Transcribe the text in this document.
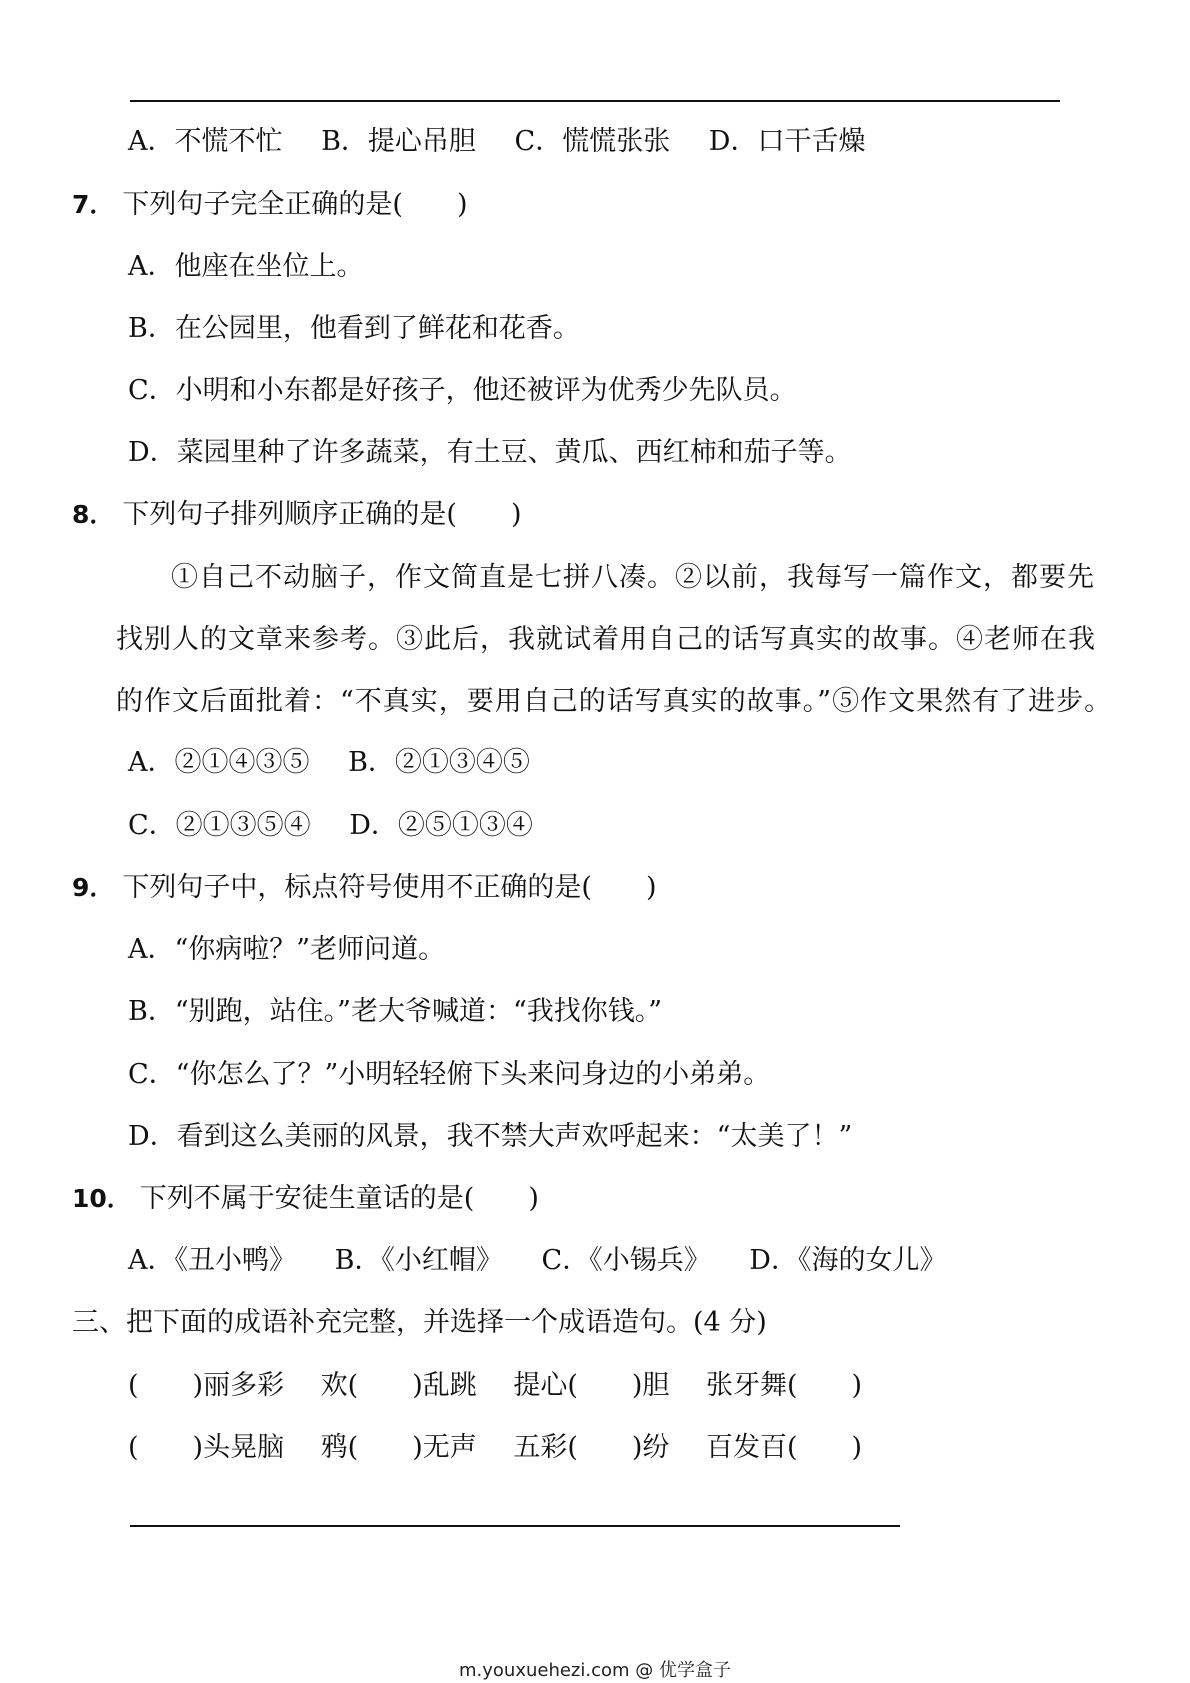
A．不慌不忙 B．提心吊胆 C．慌慌张张 D．口干舌燥
7． 下列句子完全正确的是(　　)
A．他座在坐位上。
B．在公园里，他看到了鲜花和花香。
C．小明和小东都是好孩子，他还被评为优秀少先队员。
D．菜园里种了许多蔬菜，有土豆、黄瓜、西红柿和茄子等。
8． 下列句子排列顺序正确的是(　　)
①自己不动脑子，作文简直是七拼八凑。②以前，我每写一篇作文，都要先找别人的文章来参考。③此后，我就试着用自己的话写真实的故事。④老师在我的作文后面批着：“不真实，要用自己的话写真实的故事。”⑤作文果然有了进步。
A．②①④③⑤ B．②①③④⑤
C．②①③⑤④ D．②⑤①③④
9． 下列句子中，标点符号使用不正确的是(　　)
A．“你病啦？”老师问道。
B．“别跑，站住。”老大爷喊道：“我找你钱。”
C．“你怎么了？”小明轻轻俯下头来问身边的小弟弟。
D．看到这么美丽的风景，我不禁大声欢呼起来：“太美了！”
10． 下列不属于安徒生童话的是(　　)
A．《丑小鸭》 B．《小红帽》 C．《小锡兵》 D．《海的女儿》
三、把下面的成语补充完整，并选择一个成语造句。(4 分)
(　　)丽多彩 欢(　　)乱跳 提心(　　)胆 张牙舞(　　)
(　　)头晃脑 鸦(　　)无声 五彩(　　)纷 百发百(　　)
m.youxuehezi.com @ 优学盒子
